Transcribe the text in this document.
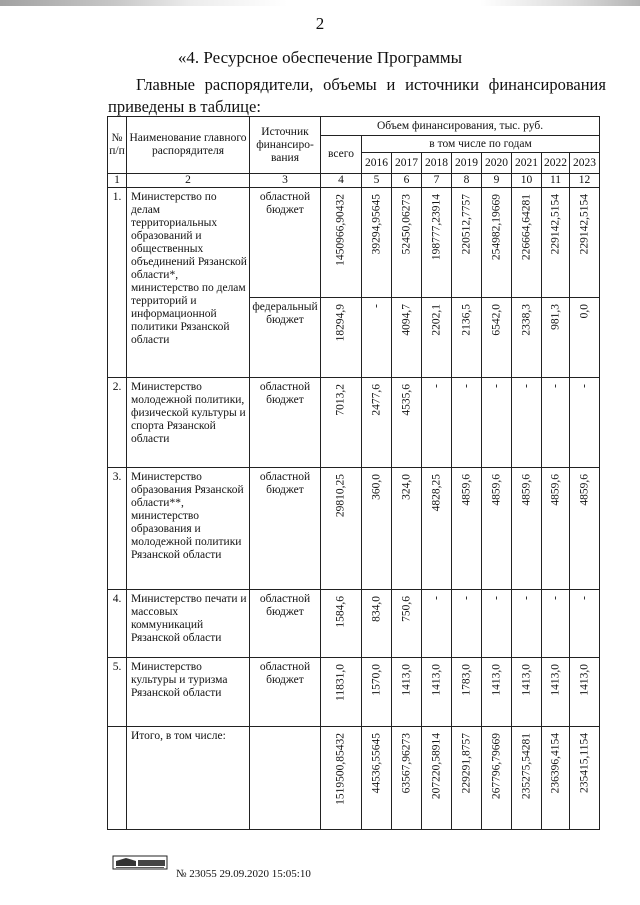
2
«4. Ресурсное обеспечение Программы
Главные распорядители, объемы и источники финансирования
приведены в таблице:
№ п/п	Наименование главного распорядителя	Источник финансиро-вания	Объем финансирования, тыс. руб.								
			всего	в том числе по годам							
				2016	2017	2018	2019	2020	2021	2022	2023
1	2	3	4	5	6	7	8	9	10	11	12
1.	Министерство по делам территориальных образований и общественных объединений Рязанской области*, министерство по делам территорий и информационной политики Рязанской области	областной бюджет	1450966,90432	39294,95645	52450,06273	198777,23914	220512,7757	254982,19669	226664,64281	229142,5154	229142,5154

		федеральный бюджет	18294,9	-	4094,7	2202,1	2136,5	6542,0	2338,3	981,3	0,0

2.	Министерство молодежной политики, физической культуры и спорта Рязанской области	областной бюджет	7013,2	2477,6	4535,6	-	-	-	-	-	-

3.	Министерство образования Рязанской области**, министерство образования и молодежной политики Рязанской области	областной бюджет	29810,25	360,0	324,0	4828,25	4859,6	4859,6	4859,6	4859,6	4859,6

4.	Министерство печати и массовых коммуникаций Рязанской области	областной бюджет	1584,6	834,0	750,6	-	-	-	-	-	-

5.	Министерство культуры и туризма Рязанской области	областной бюджет	11831,0	1570,0	1413,0	1413,0	1783,0	1413,0	1413,0	1413,0	1413,0

	Итого, в том числе:		1519500,85432	44536,55645	63567,96273	207220,58914	229291,8757	267796,79669	235275,54281	236396,4154	235415,1154
№ 23055 29.09.2020 15:05:10
